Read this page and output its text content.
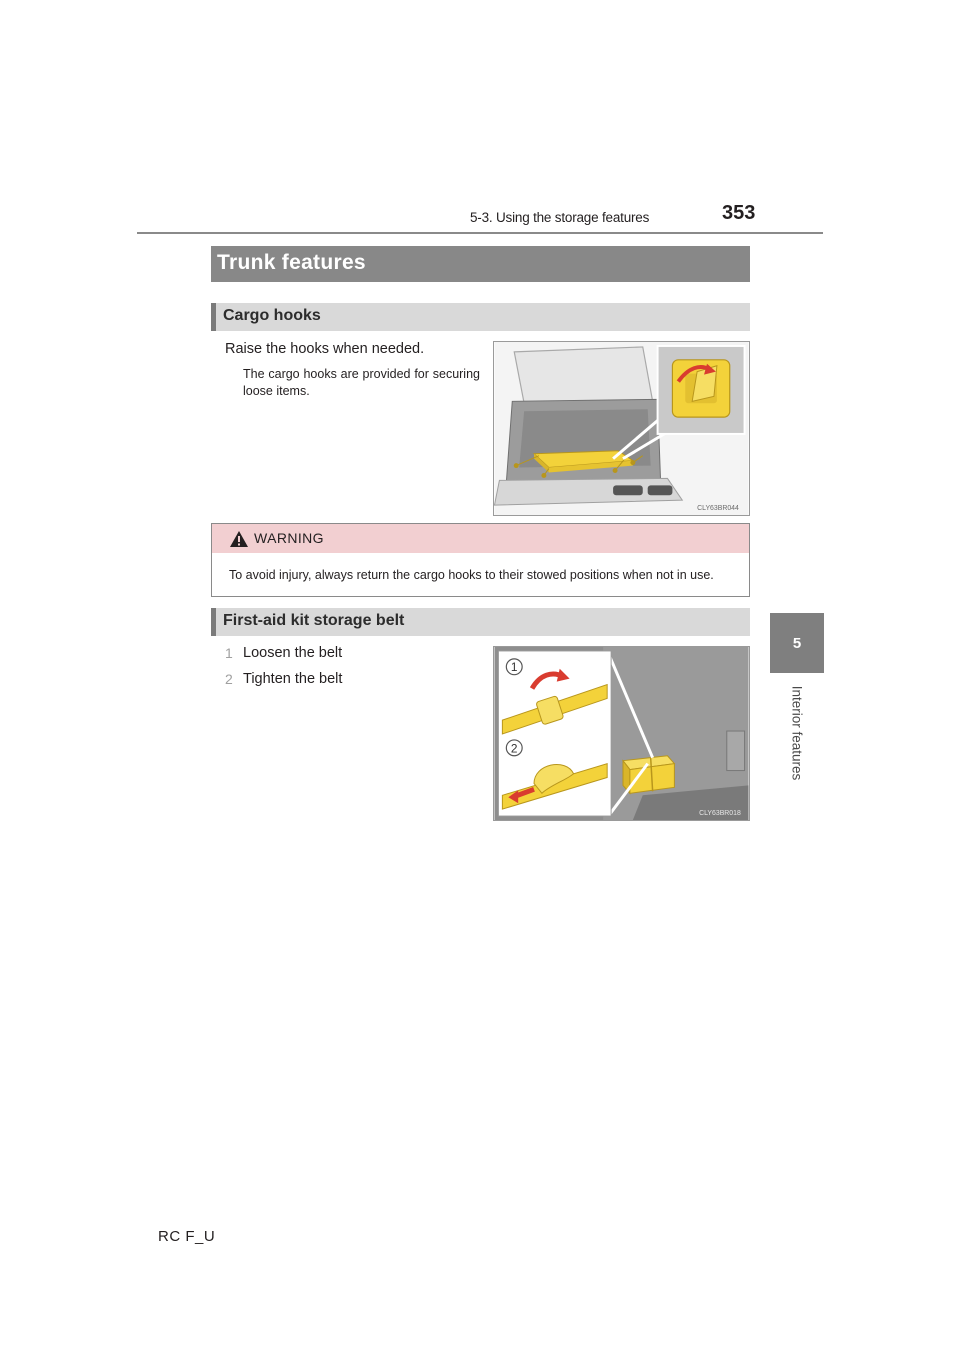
5-3. Using the storage features	353
5
Interior features
Trunk features
Cargo hooks
Raise the hooks when needed.
The cargo hooks are provided for securing loose items.
CLY63BR044
WARNING
To avoid injury, always return the cargo hooks to their stowed positions when not in use.
First-aid kit storage belt
1 Loosen the belt
2 Tighten the belt
1
2
CLY63BR018
RC F_U
